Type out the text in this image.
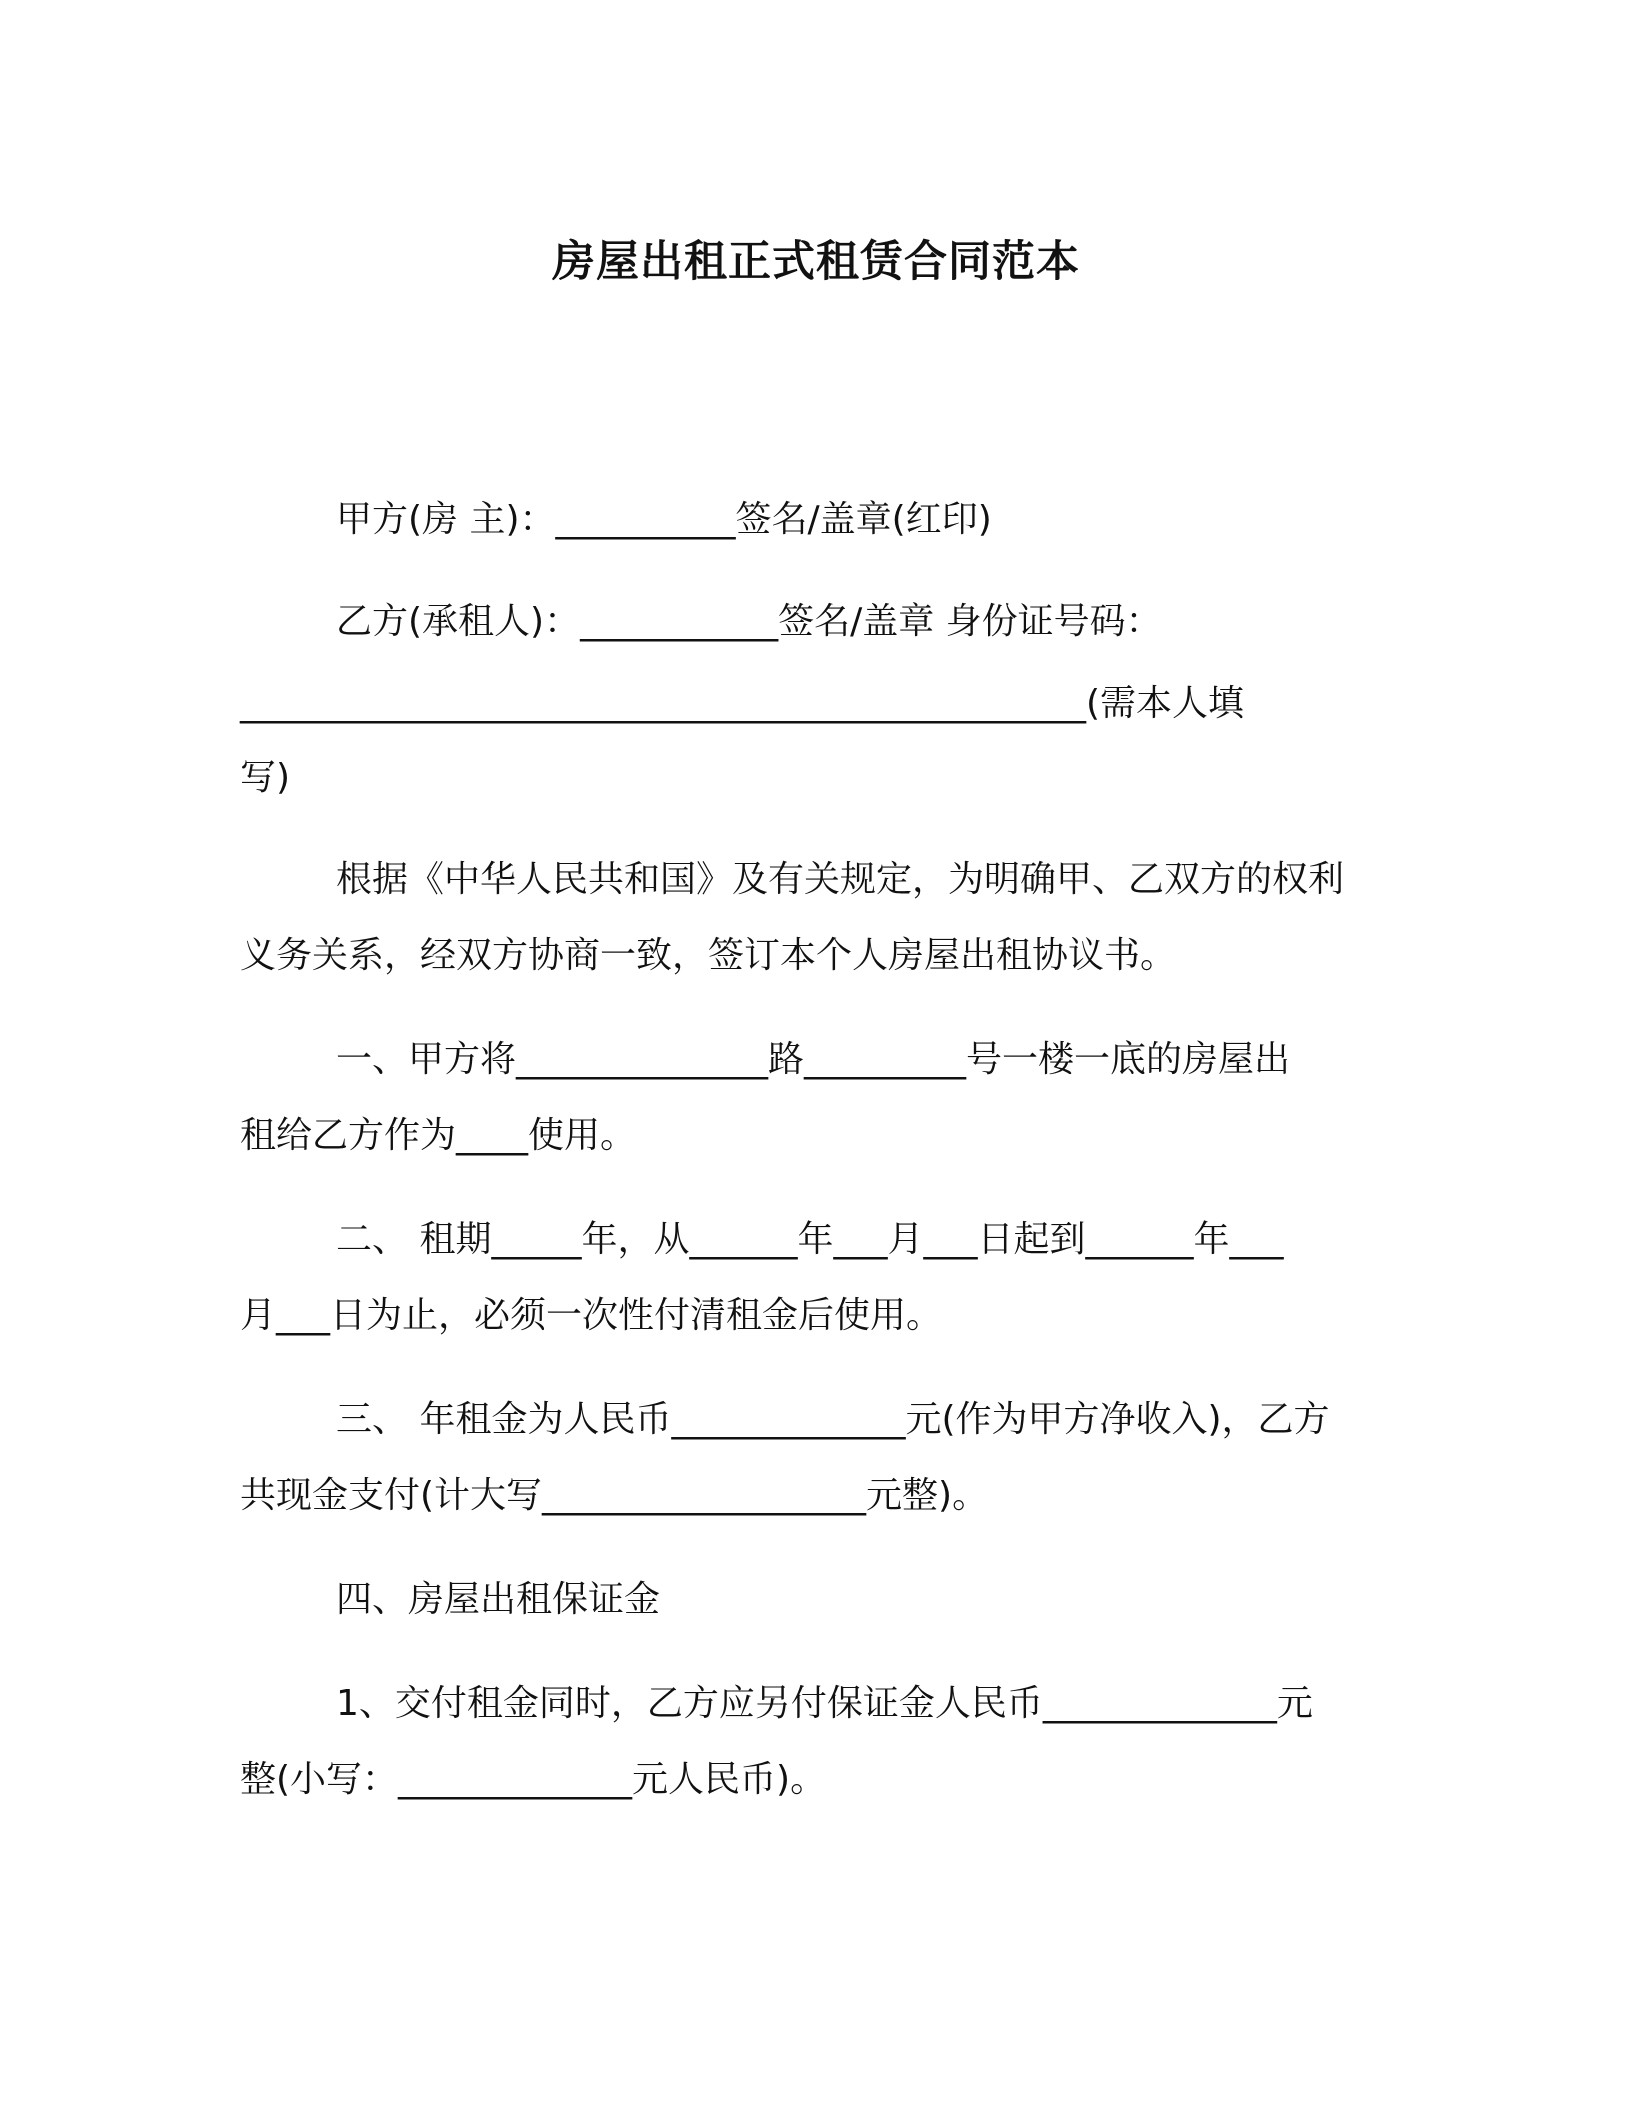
房屋出租正式租赁合同范本
甲方(房 主)：__________签名/盖章(红印)
乙方(承租人)：___________签名/盖章 身份证号码：
_______________________________________________(需本人填
写)
根据《中华人民共和国》及有关规定，为明确甲、乙双方的权利
义务关系，经双方协商一致，签订本个人房屋出租协议书。
一、甲方将______________路_________号一楼一底的房屋出
租给乙方作为____使用。
二、 租期_____年，从______年___月___日起到______年___
月___日为止，必须一次性付清租金后使用。
三、 年租金为人民币_____________元(作为甲方净收入)，乙方
共现金支付(计大写__________________元整)。
四、房屋出租保证金
1、交付租金同时，乙方应另付保证金人民币_____________元
整(小写：_____________元人民币)。
